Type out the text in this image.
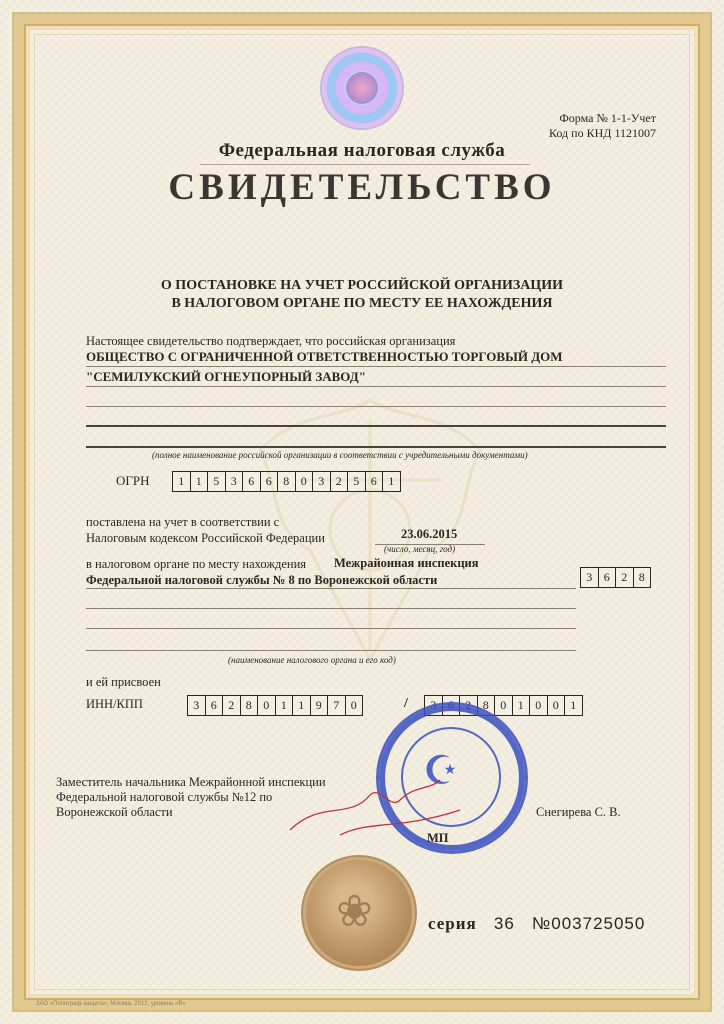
Форма № 1-1-Учет
Код по КНД 1121007
Федеральная налоговая служба
СВИДЕТЕЛЬСТВО
О ПОСТАНОВКЕ НА УЧЕТ РОССИЙСКОЙ ОРГАНИЗАЦИИ
В НАЛОГОВОМ ОРГАНЕ ПО МЕСТУ ЕЕ НАХОЖДЕНИЯ
Настоящее свидетельство подтверждает, что российская организация
ОБЩЕСТВО С ОГРАНИЧЕННОЙ ОТВЕТСТВЕННОСТЬЮ ТОРГОВЫЙ ДОМ
"СЕМИЛУКСКИЙ ОГНЕУПОРНЫЙ ЗАВОД"
(полное наименование российской организации в соответствии с учредительными документами)
ОГРН	1 1 5 3 6 6 8 0 3 2 5 6 1
поставлена на учет в соответствии с
Налоговым кодексом Российской Федерации	23.06.2015
(число, месяц, год)
в налоговом органе по месту нахождения Межрайонная инспекция
Федеральной налоговой службы № 8 по Воронежской области	3 6 2 8
(наименование налогового органа и его код)
и ей присвоен
ИНН/КПП	3 6 2 8 0 1 1 9 7 0	/	3 6 2 8 0 1 0 0 1
☪
Заместитель начальника Межрайонной инспекции
Федеральной налоговой службы №12 по
Воронежской области	Снегирева С. В.
МП
❀	серия 36 №003725050
ЗАО «Полиграф-защита», Москва, 2012, уровень «В»
